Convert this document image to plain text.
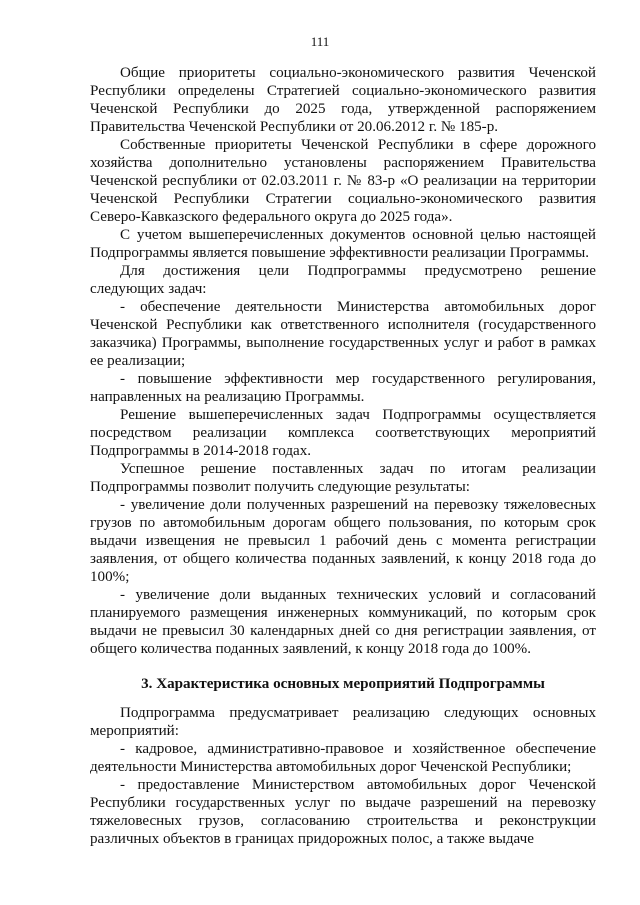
111

Общие приоритеты социально-экономического развития Чеченской Республики определены Стратегией социально-экономического развития Чеченской Республики до 2025 года, утвержденной распоряжением Правительства Чеченской Республики от 20.06.2012 г. № 185-р.

Собственные приоритеты Чеченской Республики в сфере дорожного хозяйства дополнительно установлены распоряжением Правительства Чеченской республики от 02.03.2011 г. № 83-р «О реализации на территории Чеченской Республики Стратегии социально-экономического развития Северо-Кавказского федерального округа до 2025 года».

С учетом вышеперечисленных документов основной целью настоящей Подпрограммы является повышение эффективности реализации Программы.

Для достижения цели Подпрограммы предусмотрено решение следующих задач:

- обеспечение деятельности Министерства автомобильных дорог Чеченской Республики как ответственного исполнителя (государственного заказчика) Программы, выполнение государственных услуг и работ в рамках ее реализации;

- повышение эффективности мер государственного регулирования, направленных на реализацию Программы.

Решение вышеперечисленных задач Подпрограммы осуществляется посредством реализации комплекса соответствующих мероприятий Подпрограммы в 2014-2018 годах.

Успешное решение поставленных задач по итогам реализации Подпрограммы позволит получить следующие результаты:

- увеличение доли полученных разрешений на перевозку тяжеловесных грузов по автомобильным дорогам общего пользования, по которым срок выдачи извещения не превысил 1 рабочий день с момента регистрации заявления, от общего количества поданных заявлений, к концу 2018 года до 100%;

- увеличение доли выданных технических условий и согласований планируемого размещения инженерных коммуникаций, по которым срок выдачи не превысил 30 календарных дней со дня регистрации заявления, от общего количества поданных заявлений, к концу 2018 года до 100%.

3. Характеристика основных мероприятий Подпрограммы

Подпрограмма предусматривает реализацию следующих основных мероприятий:

- кадровое, административно-правовое и хозяйственное обеспечение деятельности Министерства автомобильных дорог Чеченской Республики;

- предоставление Министерством автомобильных дорог Чеченской Республики государственных услуг по выдаче разрешений на перевозку тяжеловесных грузов, согласованию строительства и реконструкции различных объектов в границах придорожных полос, а также выдаче
